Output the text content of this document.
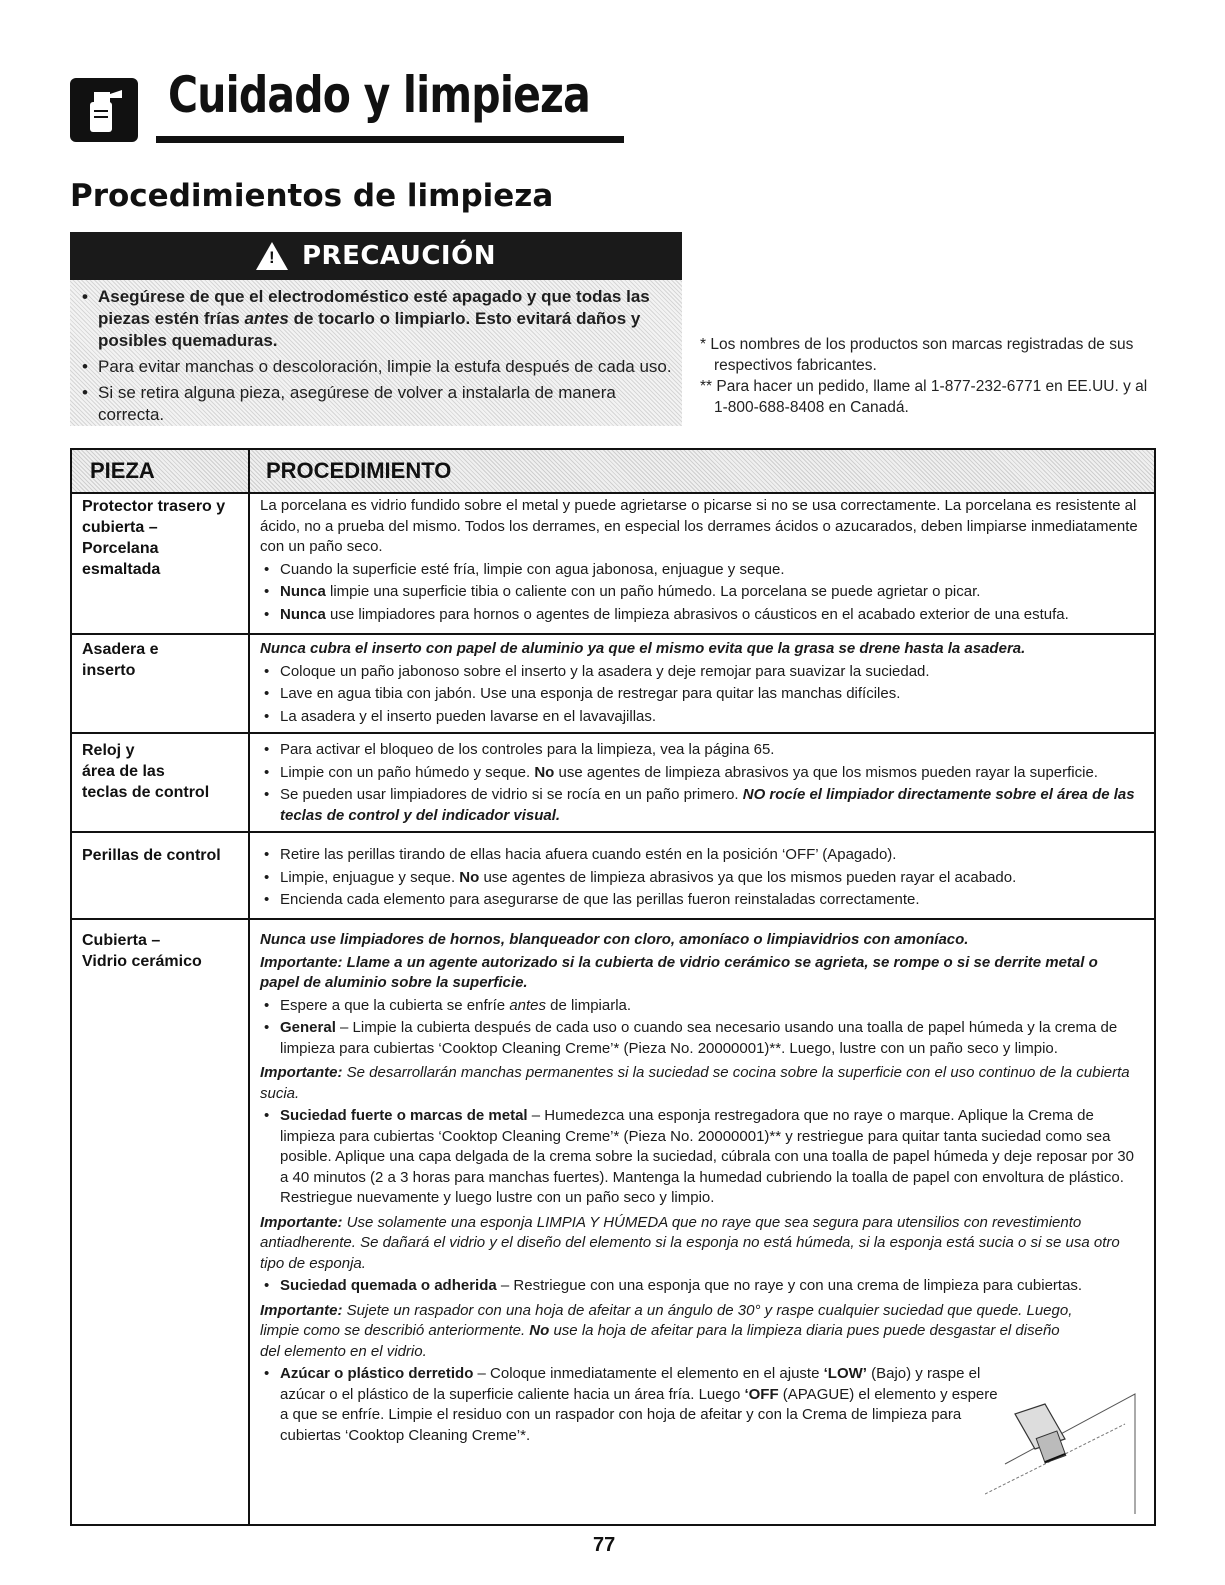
Cuidado y limpieza
Procedimientos de limpieza
! PRECAUCIÓN
• Asegúrese de que el electrodoméstico esté apagado y que todas las piezas estén frías antes de tocarlo o limpiarlo. Esto evitará daños y posibles quemaduras.
• Para evitar manchas o descoloración, limpie la estufa después de cada uso.
• Si se retira alguna pieza, asegúrese de volver a instalarla de manera correcta.

* Los nombres de los productos son marcas registradas de sus respectivos fabricantes.

** Para hacer un pedido, llame al 1-877-232-6771 en EE.UU. y al 1-800-688-8408 en Canadá.

PIEZA	PROCEDIMIENTO
Protector trasero y
cubierta –
Porcelana
esmaltada

La porcelana es vidrio fundido sobre el metal y puede agrietarse o picarse si no se usa correctamente. La porcelana es resistente al ácido, no a prueba del mismo. Todos los derrames, en especial los derrames ácidos o azucarados, deben limpiarse inmediatamente con un paño seco.

• Cuando la superficie esté fría, limpie con agua jabonosa, enjuague y seque.

• Nunca limpie una superficie tibia o caliente con un paño húmedo. La porcelana se puede agrietar o picar.

• Nunca use limpiadores para hornos o agentes de limpieza abrasivos o cáusticos en el acabado exterior de una estufa.

Asadera e
inserto

Nunca cubra el inserto con papel de aluminio ya que el mismo evita que la grasa se drene hasta la asadera.

• Coloque un paño jabonoso sobre el inserto y la asadera y deje remojar para suavizar la suciedad.

• Lave en agua tibia con jabón. Use una esponja de restregar para quitar las manchas difíciles.

• La asadera y el inserto pueden lavarse en el lavavajillas.

Reloj y
área de las
teclas de control

• Para activar el bloqueo de los controles para la limpieza, vea la página 65.

• Limpie con un paño húmedo y seque. No use agentes de limpieza abrasivos ya que los mismos pueden rayar la superficie.

• Se pueden usar limpiadores de vidrio si se rocía en un paño primero. NO rocíe el limpiador directamente sobre el área de las teclas de control y del indicador visual.

Perillas de control

•	Retire las perillas tirando de ellas hacia afuera cuando estén en la posición ‘OFF’ (Apagado).

• Limpie, enjuague y seque. No use agentes de limpieza abrasivos ya que los mismos pueden rayar el acabado.

• Encienda cada elemento para asegurarse de que las perillas fueron reinstaladas correctamente.

Cubierta –
Vidrio cerámico

Nunca use limpiadores de hornos, blanqueador con cloro, amoníaco o limpiavidrios con amoníaco.

Importante: Llame a un agente autorizado si la cubierta de vidrio cerámico se agrieta, se rompe o si se derrite metal o papel de aluminio sobre la superficie.

• Espere a que la cubierta se enfríe antes de limpiarla.

• General – Limpie la cubierta después de cada uso o cuando sea necesario usando una toalla de papel húmeda y la crema de limpieza para cubiertas ‘Cooktop Cleaning Creme’* (Pieza No. 20000001)**. Luego, lustre con un paño seco y limpio.

Importante: Se desarrollarán manchas permanentes si la suciedad se cocina sobre la superficie con el uso continuo de la cubierta sucia.

• Suciedad fuerte o marcas de metal – Humedezca una esponja restregadora que no raye o marque. Aplique la Crema de limpieza para cubiertas ‘Cooktop Cleaning Creme’* (Pieza No. 20000001)** y restriegue para quitar tanta suciedad como sea posible. Aplique una capa delgada de la crema sobre la suciedad, cúbrala con una toalla de papel húmeda y deje reposar por 30 a 40 minutos (2 a 3 horas para manchas fuertes). Mantenga la humedad cubriendo la toalla de papel con envoltura de plástico. Restriegue nuevamente y luego lustre con un paño seco y limpio.

Importante: Use solamente una esponja LIMPIA Y HÚMEDA que no raye que sea segura para utensilios con revestimiento antiadherente. Se dañará el vidrio y el diseño del elemento si la esponja no está húmeda, si la esponja está sucia o si se usa otro tipo de esponja.

• Suciedad quemada o adherida – Restriegue con una esponja que no raye y con una crema de limpieza para cubiertas.

Importante: Sujete un raspador con una hoja de afeitar a un ángulo de 30° y raspe cualquier suciedad que quede. Luego, limpie como se describió anteriormente. No use la hoja de afeitar para la limpieza diaria pues puede desgastar el diseño del elemento en el vidrio.

• Azúcar o plástico derretido – Coloque inmediatamente el elemento en el ajuste ‘LOW’ (Bajo) y raspe el azúcar o el plástico de la superficie caliente hacia un área fría. Luego ‘OFF (APAGUE) el elemento y espere a que se enfríe. Limpie el residuo con un raspador con hoja de afeitar y con la Crema de limpieza para cubiertas ‘Cooktop Cleaning Creme’*.

77
